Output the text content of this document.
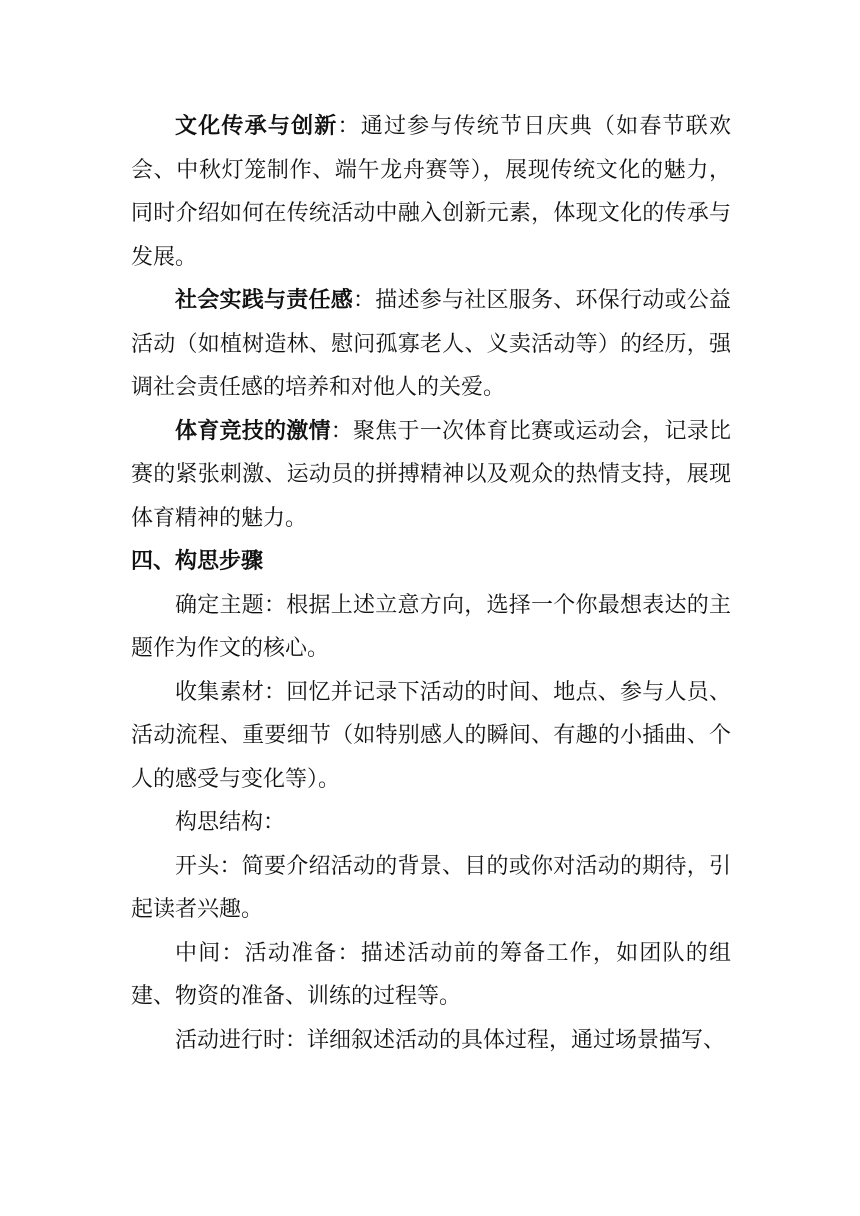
文化传承与创新：通过参与传统节日庆典（如春节联欢会、中秋灯笼制作、端午龙舟赛等），展现传统文化的魅力，同时介绍如何在传统活动中融入创新元素，体现文化的传承与发展。

社会实践与责任感：描述参与社区服务、环保行动或公益活动（如植树造林、慰问孤寡老人、义卖活动等）的经历，强调社会责任感的培养和对他人的关爱。

体育竞技的激情：聚焦于一次体育比赛或运动会，记录比赛的紧张刺激、运动员的拼搏精神以及观众的热情支持，展现体育精神的魅力。

四、构思步骤

确定主题：根据上述立意方向，选择一个你最想表达的主题作为作文的核心。

收集素材：回忆并记录下活动的时间、地点、参与人员、活动流程、重要细节（如特别感人的瞬间、有趣的小插曲、个人的感受与变化等）。

构思结构：

开头：简要介绍活动的背景、目的或你对活动的期待，引起读者兴趣。

中间：活动准备：描述活动前的筹备工作，如团队的组建、物资的准备、训练的过程等。

活动进行时：详细叙述活动的具体过程，通过场景描写、
